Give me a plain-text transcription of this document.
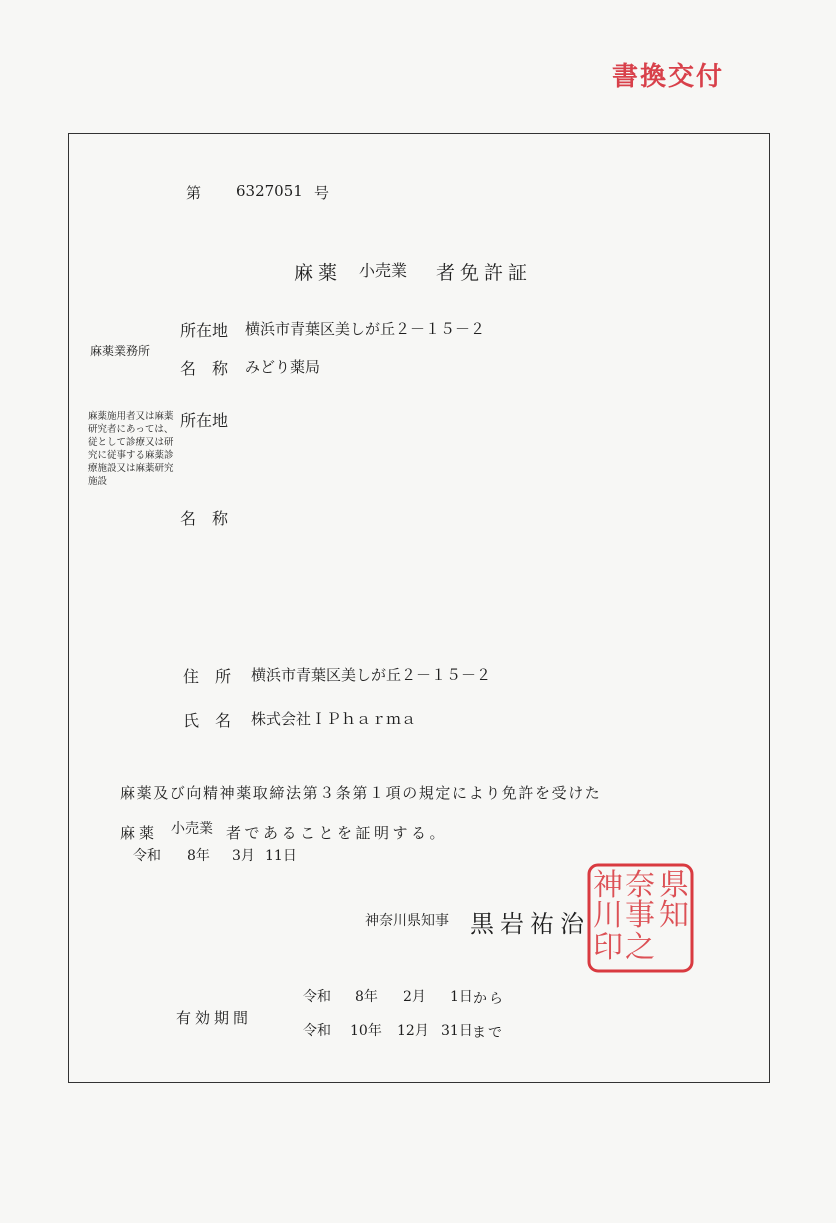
書換交付
第 6327051 号
麻薬 小売業 者免許証
麻薬業務所
所在地 横浜市青葉区美しが丘２－１５－２
名　称 みどり薬局
麻薬施用者又は麻薬研究者にあっては、従として診療又は研究に従事する麻薬診療施設又は麻薬研究施設
所在地
名　称
住　所 横浜市青葉区美しが丘２－１５－２
氏　名 株式会社ＩＰｈａｒｍａ
麻薬及び向精神薬取締法第３条第１項の規定により免許を受けた
麻薬 小売業 者であることを証明する。
令和 8年 3月 11日
神奈川県知事 黒岩祐治
県
知
奈
事
神
川
之
印
有効期間
令和 8年 2月 1日 から
令和 10年 12月 31日 まで
